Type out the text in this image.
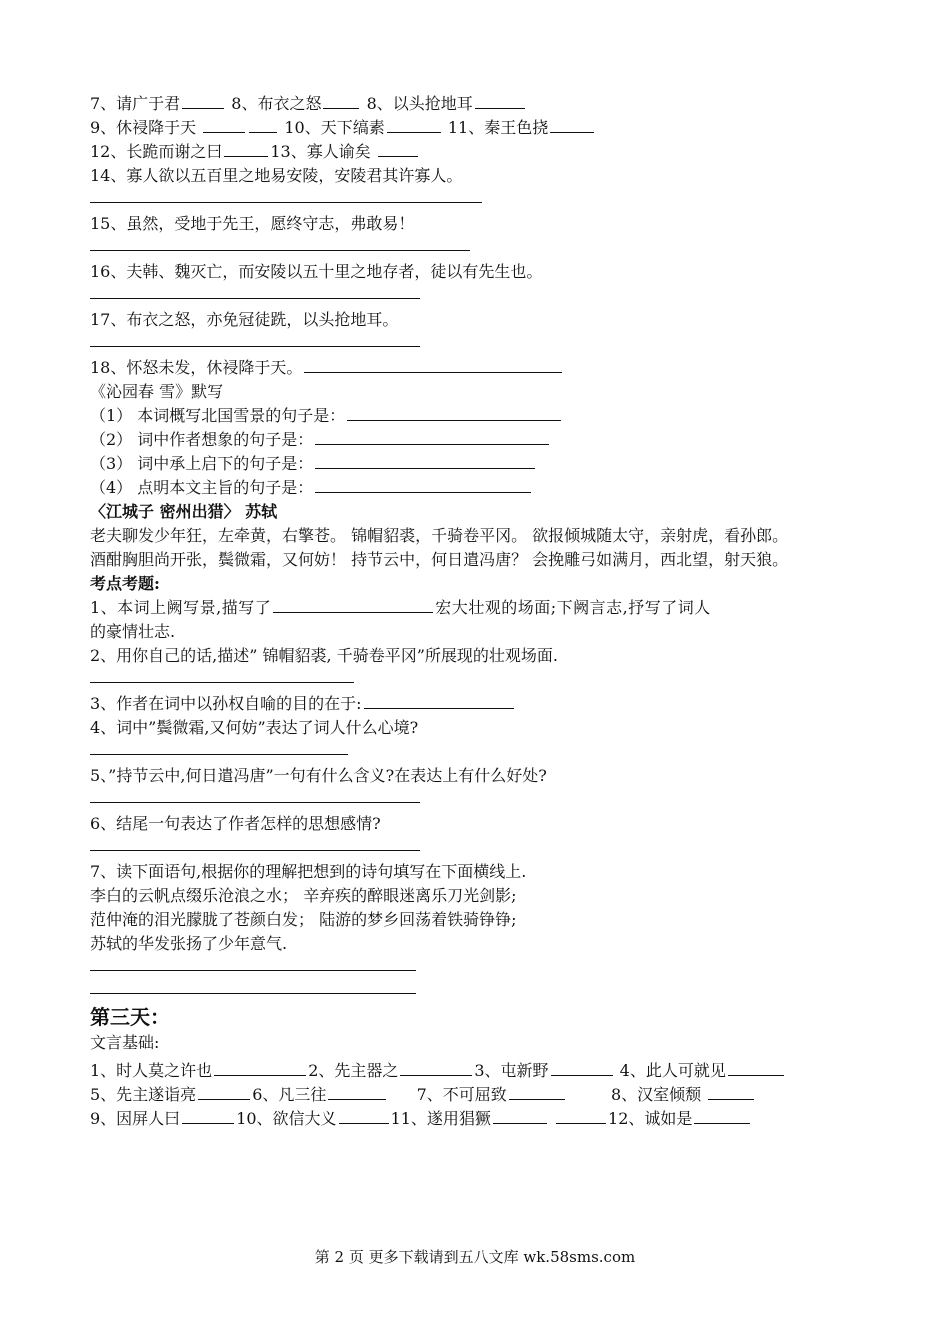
7、请广于君	8、布衣之怒	8、以头抢地耳
9、休祲降于天	10、天下缟素	11、秦王色挠
12、长跪而谢之曰	13、寡人谕矣
14、寡人欲以五百里之地易安陵，安陵君其许寡人。
15、虽然，受地于先王，愿终守志，弗敢易！
16、夫韩、魏灭亡，而安陵以五十里之地存者，徒以有先生也。
17、布衣之怒，亦免冠徒跣，以头抢地耳。
18、怀怒未发，休祲降于天。
《沁园春 雪》默写
（1） 本词概写北国雪景的句子是：
（2） 词中作者想象的句子是：
（3） 词中承上启下的句子是：
（4） 点明本文主旨的句子是：
〈江城子 密州出猎〉 苏轼
老夫聊发少年狂，左牵黄，右擎苍。 锦帽貂裘，千骑卷平冈。 欲报倾城随太守，亲射虎，看孙郎。
酒酣胸胆尚开张，鬓微霜，又何妨！ 持节云中，何日遣冯唐？ 会挽雕弓如满月，西北望，射天狼。
考点考题:
1、本词上阙写景,描写了	宏大壮观的场面;下阙言志,抒写了词人
的豪情壮志.
2、用你自己的话,描述” 锦帽貂裘, 千骑卷平冈”所展现的壮观场面.
3、作者在词中以孙权自喻的目的在于:
4、词中”鬓微霜,又何妨”表达了词人什么心境?
5、”持节云中,何日遣冯唐”一句有什么含义?在表达上有什么好处?
6、结尾一句表达了作者怎样的思想感情?
7、读下面语句,根据你的理解把想到的诗句填写在下面横线上.
李白的云帆点缀乐沧浪之水； 辛弃疾的醉眼迷离乐刀光剑影;
范仲淹的泪光朦胧了苍颜白发； 陆游的梦乡回荡着铁骑铮铮;
苏轼的华发张扬了少年意气.
第三天：
文言基础:
1、时人莫之许也	2、先主器之	3、屯新野	4、此人可就见
5、先主遂诣亮	6、凡三往	7、不可屈致	8、汉室倾颓
9、因屏人曰	10、欲信大义	11、遂用猖獗	12、诚如是
第 2 页 更多下载请到五八文库 wk.58sms.com
